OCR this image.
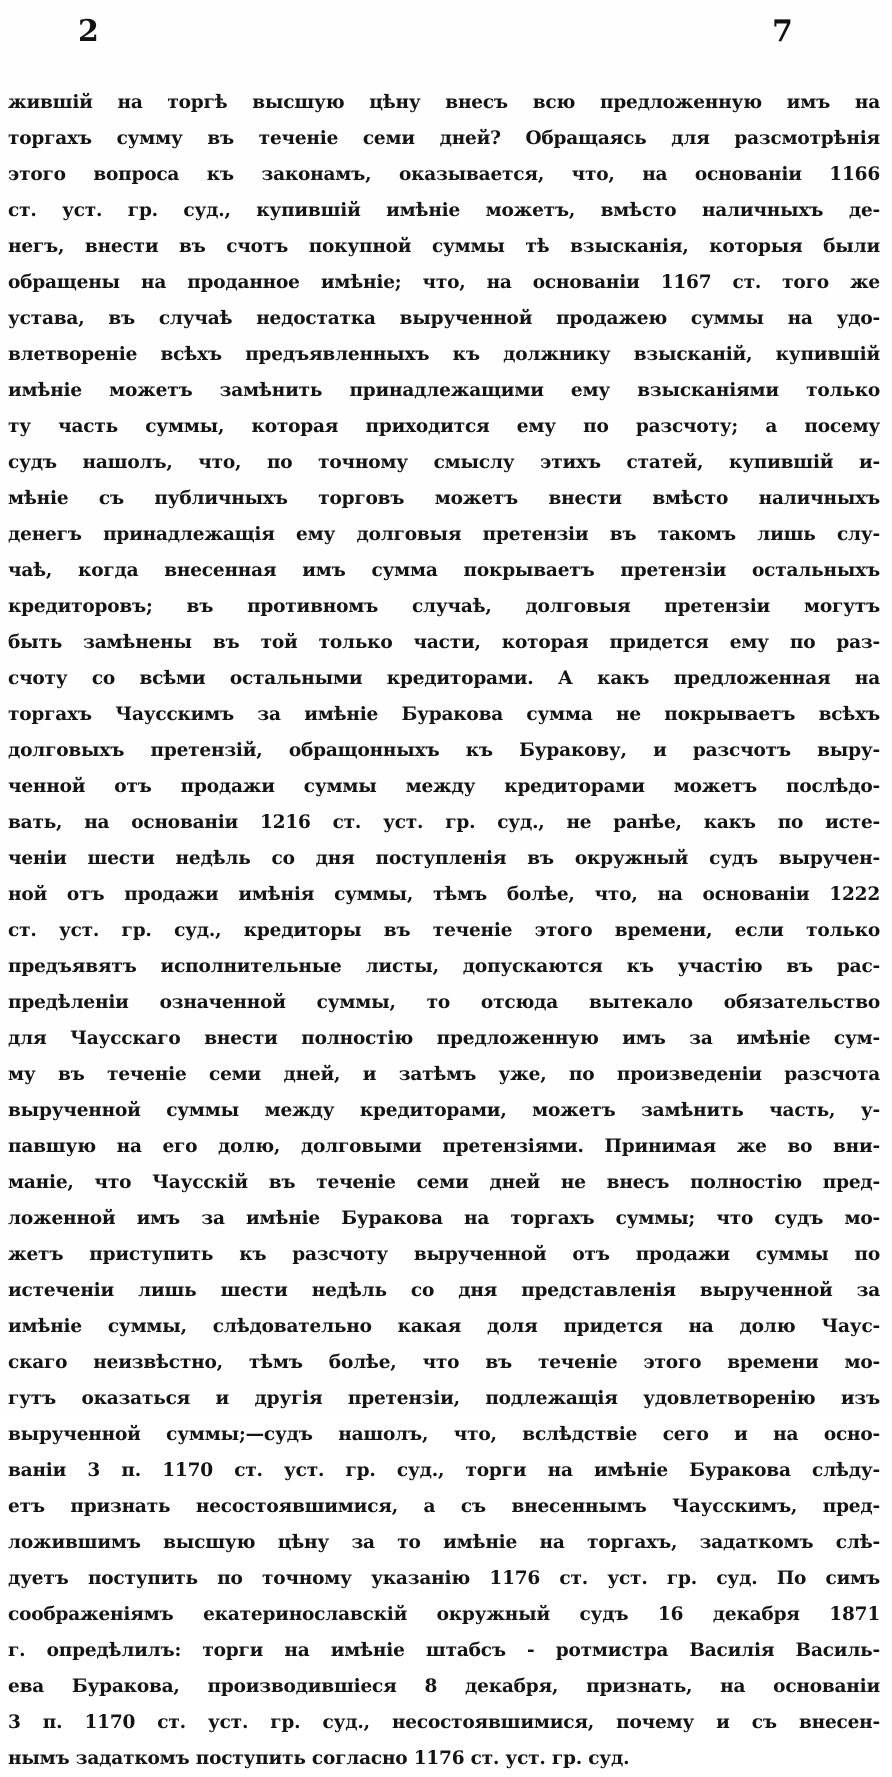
2	7
жившій на торгѣ высшую цѣну внесъ всю предложенную имъ на
торгахъ сумму въ теченіе семи дней? Обращаясь для разсмотрѣнія
этого вопроса къ законамъ, оказывается, что, на основаніи 1166
ст. уст. гр. суд., купившій имѣніе можетъ, вмѣсто наличныхъ де-
негъ, внести въ счотъ покупной суммы тѣ взысканія, которыя были
обращены на проданное имѣніе; что, на основаніи 1167 ст. того же
устава, въ случаѣ недостатка вырученной продажею суммы на удо-
влетвореніе всѣхъ предъявленныхъ къ должнику взысканій, купившій
имѣніе можетъ замѣнить принадлежащими ему взысканіями только
ту часть суммы, которая приходится ему по разсчоту; а посему
судъ нашолъ, что, по точному смыслу этихъ статей, купившій и-
мѣніе съ публичныхъ торговъ можетъ внести вмѣсто наличныхъ
денегъ принадлежащія ему долговыя претензіи въ такомъ лишь слу-
чаѣ, когда внесенная имъ сумма покрываетъ претензіи остальныхъ
кредиторовъ; въ противномъ случаѣ, долговыя претензіи могутъ
быть замѣнены въ той только части, которая придется ему по раз-
счоту со всѣми остальными кредиторами. А какъ предложенная на
торгахъ Чаусскимъ за имѣніе Буракова сумма не покрываетъ всѣхъ
долговыхъ претензій, обращонныхъ къ Буракову, и разсчотъ выру-
ченной отъ продажи суммы между кредиторами можетъ послѣдо-
вать, на основаніи 1216 ст. уст. гр. суд., не ранѣе, какъ по исте-
ченіи шести недѣль со дня поступленія въ окружный судъ выручен-
ной отъ продажи имѣнія суммы, тѣмъ болѣе, что, на основаніи 1222
ст. уст. гр. суд., кредиторы въ теченіе этого времени, если только
предъявятъ исполнительные листы, допускаются къ участію въ рас-
предѣленіи означенной суммы, то отсюда вытекало обязательство
для Чаусскаго внести полностію предложенную имъ за имѣніе сум-
му въ теченіе семи дней, и затѣмъ уже, по произведеніи разсчота
вырученной суммы между кредиторами, можетъ замѣнить часть, у-
павшую на его долю, долговыми претензіями. Принимая же во вни-
маніе, что Чаусскій въ теченіе семи дней не внесъ полностію пред-
ложенной имъ за имѣніе Буракова на торгахъ суммы; что судъ мо-
жетъ приступить къ разсчоту вырученной отъ продажи суммы по
истеченіи лишь шести недѣль со дня представленія вырученной за
имѣніе суммы, слѣдовательно какая доля придется на долю Чаус-
скаго неизвѣстно, тѣмъ болѣе, что въ теченіе этого времени мо-
гутъ оказаться и другія претензіи, подлежащія удовлетворенію изъ
вырученной суммы;—судъ нашолъ, что, вслѣдствіе сего и на осно-
ваніи 3 п. 1170 ст. уст. гр. суд., торги на имѣніе Буракова слѣду-
етъ признать несостоявшимися, а съ внесеннымъ Чаусскимъ, пред-
ложившимъ высшую цѣну за то имѣніе на торгахъ, задаткомъ слѣ-
дуетъ поступить по точному указанію 1176 ст. уст. гр. суд. По симъ
соображеніямъ екатеринославскій окружный судъ 16 декабря 1871
г. опредѣлилъ: торги на имѣніе штабсъ - ротмистра Василія Василь-
ева Буракова, производившіеся 8 декабря, признать, на основаніи
3 п. 1170 ст. уст. гр. суд., несостоявшимися, почему и съ внесен-
нымъ задаткомъ поступить согласно 1176 ст. уст. гр. суд.
